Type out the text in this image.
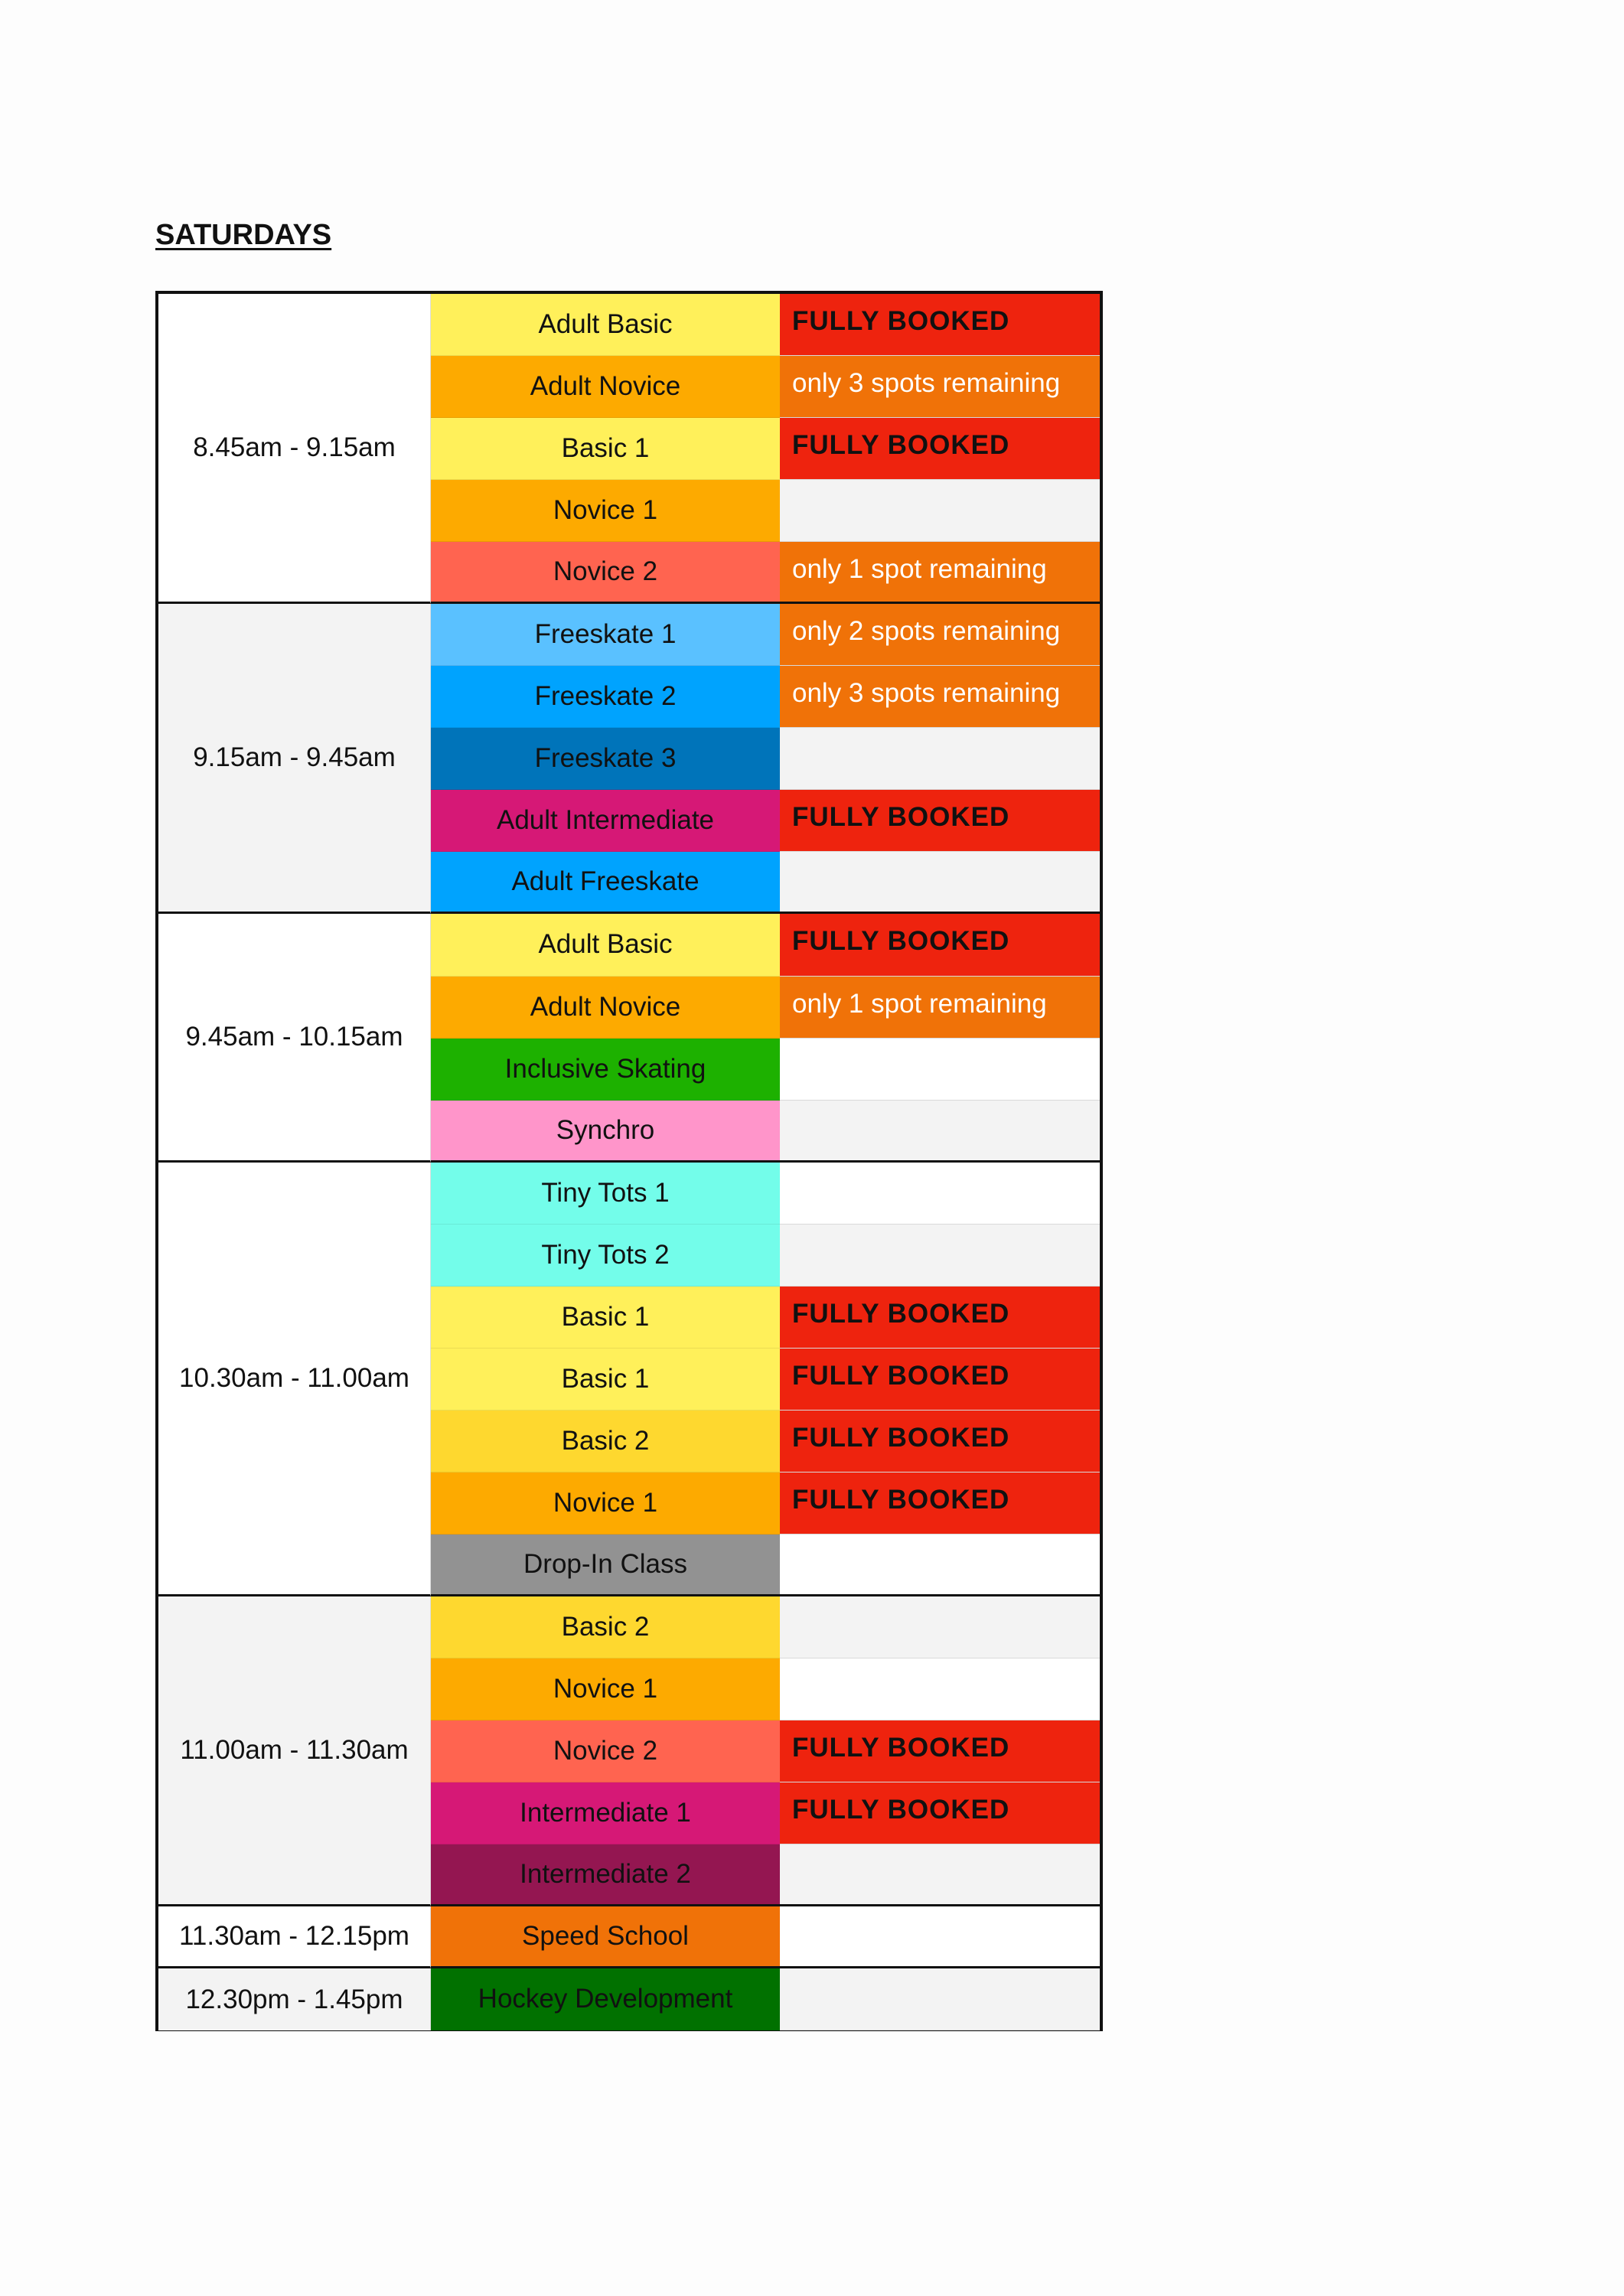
SATURDAYS
8.45am - 9.15am
Adult Basic	FULLY BOOKED
Adult Novice	only 3 spots remaining
Basic 1	FULLY BOOKED
Novice 1
Novice 2	only 1 spot remaining
9.15am - 9.45am
Freeskate 1	only 2 spots remaining
Freeskate 2	only 3 spots remaining
Freeskate 3
Adult Intermediate	FULLY BOOKED
Adult Freeskate
9.45am - 10.15am
Adult Basic	FULLY BOOKED
Adult Novice	only 1 spot remaining
Inclusive Skating
Synchro
10.30am - 11.00am
Tiny Tots 1
Tiny Tots 2
Basic 1	FULLY BOOKED
Basic 1	FULLY BOOKED
Basic 2	FULLY BOOKED
Novice 1	FULLY BOOKED
Drop-In Class
11.00am - 11.30am
Basic 2
Novice 1
Novice 2	FULLY BOOKED
Intermediate 1	FULLY BOOKED
Intermediate 2
11.30am - 12.15pm	Speed School
12.30pm - 1.45pm	Hockey Development
